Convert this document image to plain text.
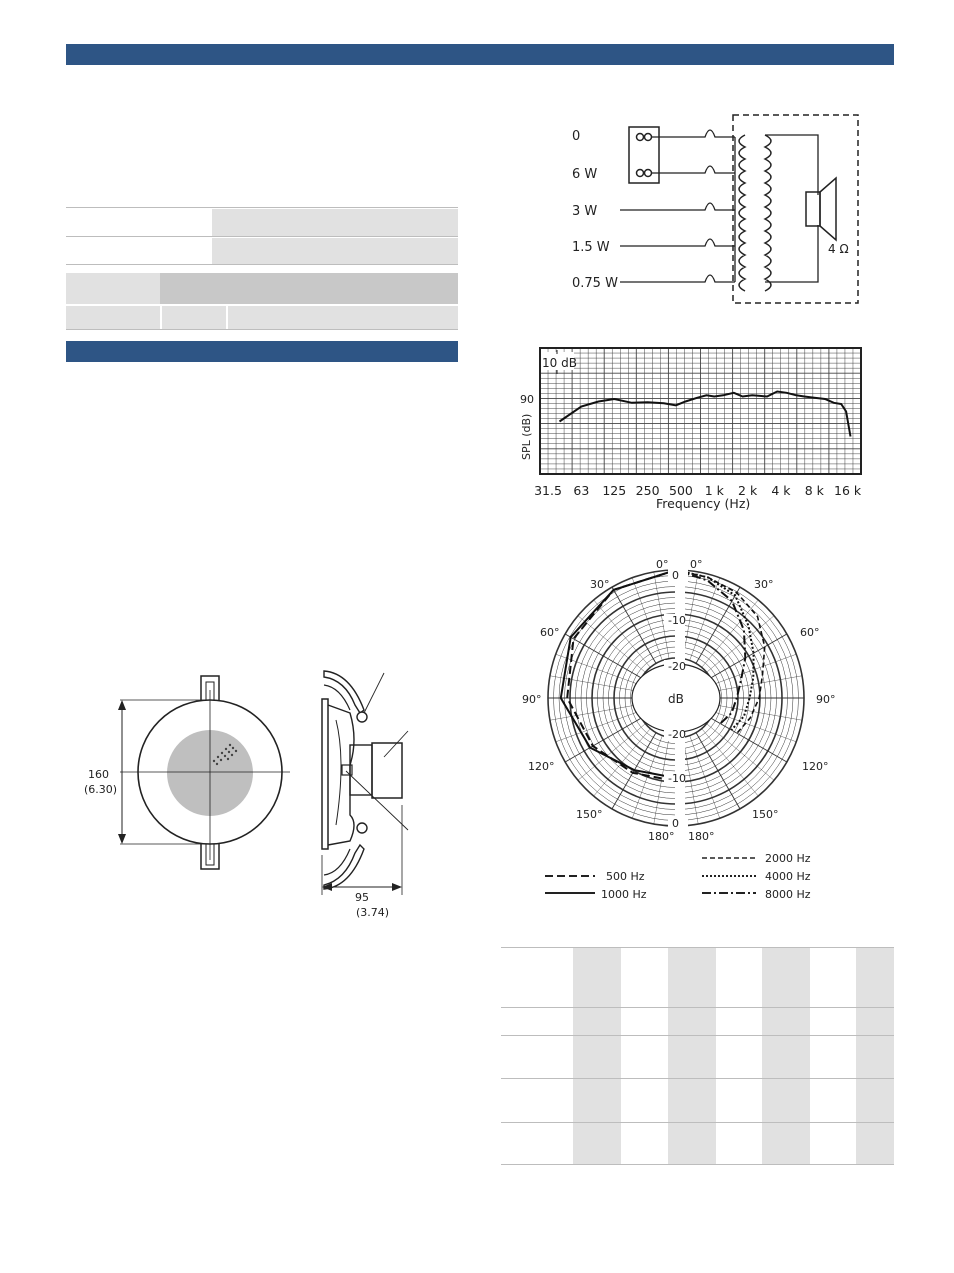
0
6 W
3 W
1.5 W
0.75 W
4 Ω
10 dB
90
SPL (dB)
31.5 63 125 250 500 1 k 2 k 4 k 8 k 16 k
Frequency (Hz)
dB
0° 0°
30°	30°
60°	60°
90°	90°
120°	120°
150°	150°
180° 180°
0
-10
-20
-20
-10
0
500 Hz
1000 Hz
2000 Hz
4000 Hz
8000 Hz
160
(6.30)
95
(3.74)
